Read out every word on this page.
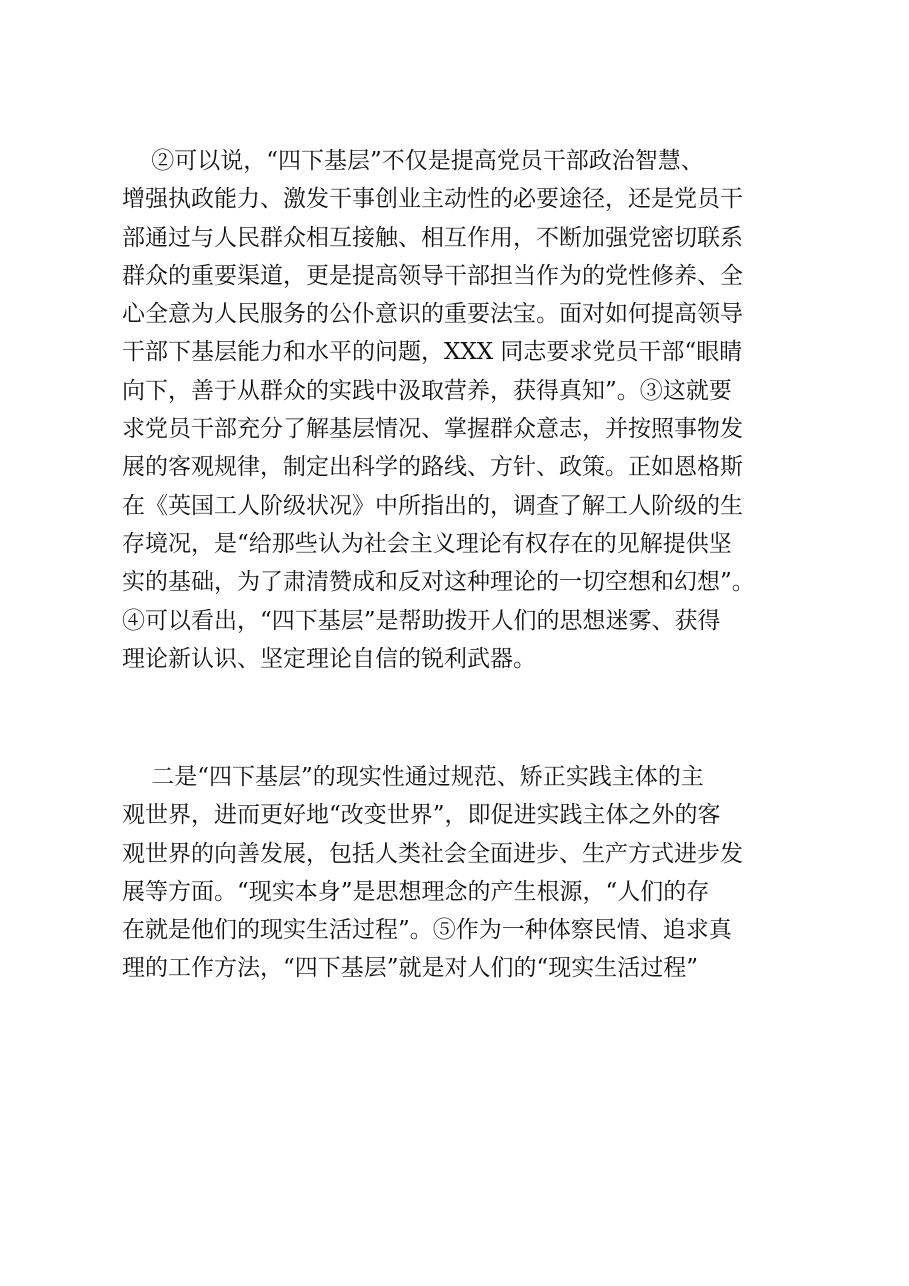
②可以说，“四下基层”不仅是提高党员干部政治智慧、
增强执政能力、激发干事创业主动性的必要途径，还是党员干
部通过与人民群众相互接触、相互作用，不断加强党密切联系
群众的重要渠道，更是提高领导干部担当作为的党性修养、全
心全意为人民服务的公仆意识的重要法宝。面对如何提高领导
干部下基层能力和水平的问题，XXX 同志要求党员干部“眼睛
向下，善于从群众的实践中汲取营养，获得真知”。③这就要
求党员干部充分了解基层情况、掌握群众意志，并按照事物发
展的客观规律，制定出科学的路线、方针、政策。正如恩格斯
在《英国工人阶级状况》中所指出的，调查了解工人阶级的生
存境况，是“给那些认为社会主义理论有权存在的见解提供坚
实的基础，为了肃清赞成和反对这种理论的一切空想和幻想”。
④可以看出，“四下基层”是帮助拨开人们的思想迷雾、获得
理论新认识、坚定理论自信的锐利武器。
二是“四下基层”的现实性通过规范、矫正实践主体的主
观世界，进而更好地“改变世界”，即促进实践主体之外的客
观世界的向善发展，包括人类社会全面进步、生产方式进步发
展等方面。“现实本身”是思想理念的产生根源，“人们的存
在就是他们的现实生活过程”。⑤作为一种体察民情、追求真
理的工作方法，“四下基层”就是对人们的“现实生活过程”
